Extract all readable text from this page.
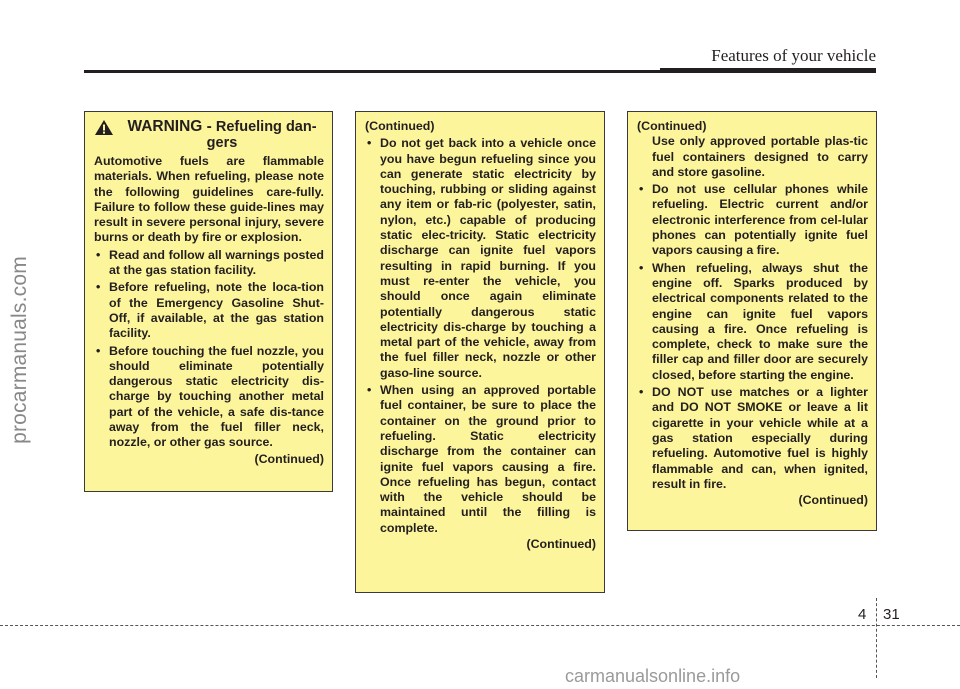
Features of your vehicle
procarmanuals.com
WARNING - Refueling dan-gers

Automotive fuels are flammable materials. When refueling, please note the following guidelines care-fully. Failure to follow these guide-lines may result in severe personal injury, severe burns or death by fire or explosion.

• Read and follow all warnings posted at the gas station facility.
• Before refueling, note the loca-tion of the Emergency Gasoline Shut-Off, if available, at the gas station facility.
• Before touching the fuel nozzle, you should eliminate potentially dangerous static electricity dis-charge by touching another metal part of the vehicle, a safe dis-tance away from the fuel filler neck, nozzle, or other gas source.
(Continued)
(Continued)
• Do not get back into a vehicle once you have begun refueling since you can generate static electricity by touching, rubbing or sliding against any item or fab-ric (polyester, satin, nylon, etc.) capable of producing static elec-tricity. Static electricity discharge can ignite fuel vapors resulting in rapid burning. If you must re-enter the vehicle, you should once again eliminate potentially dangerous static electricity dis-charge by touching a metal part of the vehicle, away from the fuel filler neck, nozzle or other gaso-line source.
• When using an approved portable fuel container, be sure to place the container on the ground prior to refueling. Static electricity discharge from the container can ignite fuel vapors causing a fire. Once refueling has begun, contact with the vehicle should be maintained until the filling is complete.
(Continued)
(Continued)
Use only approved portable plas-tic fuel containers designed to carry and store gasoline.
• Do not use cellular phones while refueling. Electric current and/or electronic interference from cel-lular phones can potentially ignite fuel vapors causing a fire.
• When refueling, always shut the engine off. Sparks produced by electrical components related to the engine can ignite fuel vapors causing a fire. Once refueling is complete, check to make sure the filler cap and filler door are securely closed, before starting the engine.
• DO NOT use matches or a lighter and DO NOT SMOKE or leave a lit cigarette in your vehicle while at a gas station especially during refueling. Automotive fuel is highly flammable and can, when ignited, result in fire.
(Continued)
4 31
carmanualsonline.info
